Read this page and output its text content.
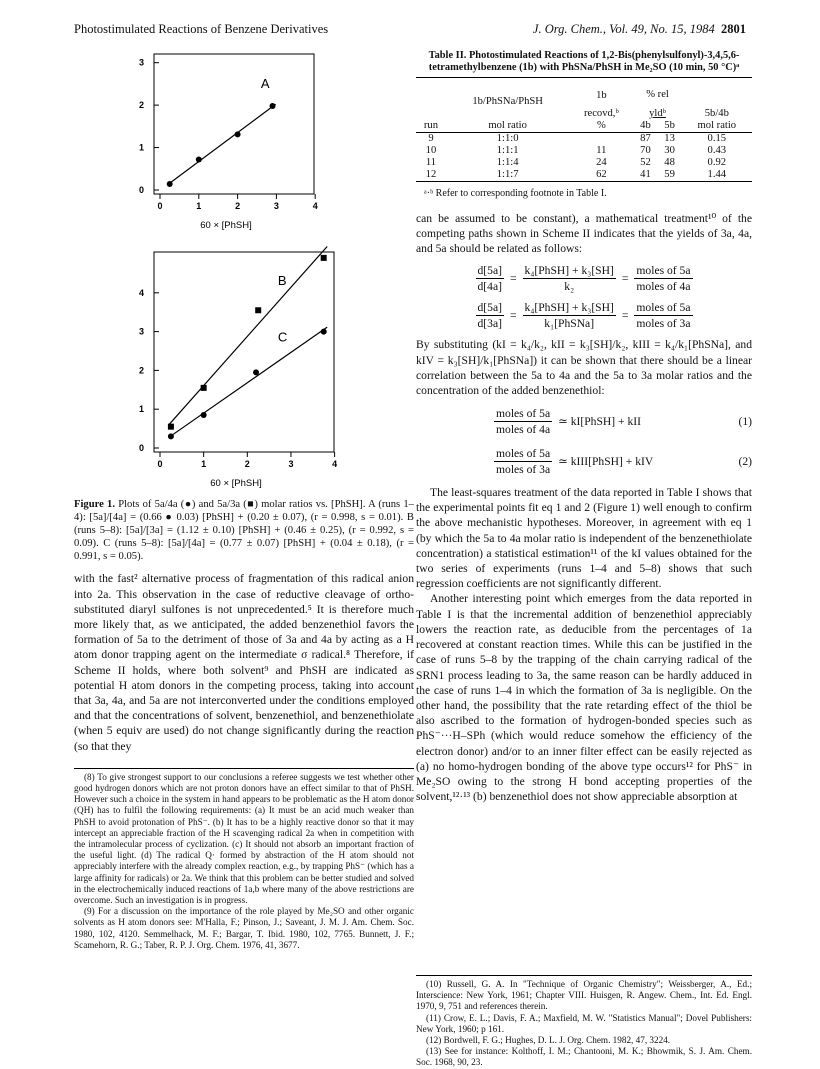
Photostimulated Reactions of Benzene Derivatives	J. Org. Chem., Vol. 49, No. 15, 1984 2801
0	1	2	3	4
0
1
2
3
60 × [PhSH]
A

0	1	2	3	4
0
1
2
3
4
60 × [PhSH]
B
C
Figure 1. Plots of 5a/4a (●) and 5a/3a (■) molar ratios vs. [PhSH]. A (runs 1–4): [5a]/[4a] = (0.66 ● 0.03) [PhSH] + (0.20 ± 0.07), (r = 0.998, s = 0.01). B (runs 5–8): [5a]/[3a] = (1.12 ± 0.10) [PhSH] + (0.46 ± 0.25), (r = 0.992, s = 0.09). C (runs 5–8): [5a]/[4a] = (0.77 ± 0.07) [PhSH] + (0.04 ± 0.18), (r = 0.991, s = 0.05).

with the fast² alternative process of fragmentation of this radical anion into 2a. This observation in the case of reductive cleavage of ortho-substituted diaryl sulfones is not unprecedented.⁵ It is therefore much more likely that, as we anticipated, the added benzenethiol favors the formation of 5a to the detriment of those of 3a and 4a by acting as a H atom donor trapping agent on the intermediate σ radical.⁸ Therefore, if Scheme II holds, where both solvent⁹ and PhSH are indicated as potential H atom donors in the competing process, taking into account that 3a, 4a, and 5a are not interconverted under the conditions employed and that the concentrations of solvent, benzenethiol, and benzenethiolate (when 5 equiv are used) do not change significantly during the reaction (so that they

(8) To give strongest support to our conclusions a referee suggests we test whether other good hydrogen donors which are not proton donors have an effect similar to that of PhSH. However such a choice in the system in hand appears to be problematic as the H atom donor (QH) has to fulfil the following requirements: (a) It must be an acid much weaker than PhSH to avoid protonation of PhS⁻. (b) It has to be a highly reactive donor so that it may intercept an appreciable fraction of the H scavenging radical 2a when in competition with the intramolecular process of cyclization. (c) It should not absorb an important fraction of the useful light. (d) The radical Q· formed by abstraction of the H atom should not appreciably interfere with the already complex reaction, e.g., by trapping PhS⁻ (which has a large affinity for radicals) or 2a. We think that this problem can be better studied and solved in the electrochemically induced reactions of 1a,b where many of the above restrictions are overcome. Such an investigation is in progress.

(9) For a discussion on the importance of the role played by Me₂SO and other organic solvents as H atom donors see: M'Halla, F.; Pinson, J.; Saveant, J. M. J. Am. Chem. Soc. 1980, 102, 4120. Semmelhack, M. F.; Bargar, T. Ibid. 1980, 102, 7765. Bunnett, J. F.; Scamehorn, R. G.; Taber, R. P. J. Org. Chem. 1976, 41, 3677.

Table II. Photostimulated Reactions of 1,2-Bis(phenylsulfonyl)-3,4,5,6-tetramethylbenzene (1b) with PhSNa/PhSH in Me₂SO (10 min, 50 °C)ᵃ
	1b/PhSNa/PhSH	1b	% rel		
		recovd,ᵇ	yldᵇ		5b/4b
run	mol ratio	%	4b	5b	mol ratio
9	1:1:0		87	13	0.15
10	1:1:1	11	70	30	0.43
11	1:1:4	24	52	48	0.92
12	1:1:7	62	41	59	1.44
ᵃ·ᵇ Refer to corresponding footnote in Table I.

can be assumed to be constant), a mathematical treatment¹⁰ of the competing paths shown in Scheme II indicates that the yields of 3a, 4a, and 5a should be related as follows:

$\frac{d[5a]}{d[4a]} = \frac{\text{k₄[PhSH] + k₃[SH]}}{\text{k₂}} = \frac{\text{moles of 5a}}{\text{moles of 4a}}$
$\frac{d[5a]}{d[3a]} = \frac{\text{k₄[PhSH] + k₃[SH]}}{\text{k₁[PhSNa]}} = \frac{\text{moles of 5a}}{\text{moles of 3a}}$

By substituting (kI = k₄/k₂, kII = k₃[SH]/k₂, kIII = k₄/k₁[PhSNa], and kIV = k₃[SH]/k₁[PhSNa]) it can be shown that there should be a linear correlation between the 5a to 4a and the 5a to 3a molar ratios and the concentration of the added benzenethiol:

$\frac{\text{moles of 5a}}{\text{moles of 4a}}$ ≃ kI[PhSH] + kII	(1)
$\frac{\text{moles of 5a}}{\text{moles of 3a}}$ ≃ kIII[PhSH] + kIV	(2)

The least-squares treatment of the data reported in Table I shows that the experimental points fit eq 1 and 2 (Figure 1) well enough to confirm the above mechanistic hypotheses. Moreover, in agreement with eq 1 (by which the 5a to 4a molar ratio is independent of the benzenethiolate concentration) a statistical estimation¹¹ of the kI values obtained for the two series of experiments (runs 1–4 and 5–8) shows that such regression coefficients are not significantly different.

Another interesting point which emerges from the data reported in Table I is that the incremental addition of benzenethiol appreciably lowers the reaction rate, as deducible from the percentages of 1a recovered at constant reaction times. While this can be justified in the case of runs 5–8 by the trapping of the chain carrying radical of the SRN1 process leading to 3a, the same reason can be hardly adduced in the case of runs 1–4 in which the formation of 3a is negligible. On the other hand, the possibility that the rate retarding effect of the thiol be also ascribed to the formation of hydrogen-bonded species such as PhS⁻···H–SPh (which would reduce somehow the efficiency of the electron donor) and/or to an inner filter effect can be easily rejected as (a) no homo-hydrogen bonding of the above type occurs¹² for PhS⁻ in Me₂SO owing to the strong H bond accepting properties of the solvent,¹²·¹³ (b) benzenethiol does not show appreciable absorption at

(10) Russell, G. A. In "Technique of Organic Chemistry"; Weissberger, A., Ed.; Interscience: New York, 1961; Chapter VIII. Huisgen, R. Angew. Chem., Int. Ed. Engl. 1970, 9, 751 and references therein.

(11) Crow, E. L.; Davis, F. A.; Maxfield, M. W. "Statistics Manual"; Dovel Publishers: New York, 1960; p 161.

(12) Bordwell, F. G.; Hughes, D. L. J. Org. Chem. 1982, 47, 3224.

(13) See for instance: Kolthoff, I. M.; Chantooni, M. K.; Bhowmik, S. J. Am. Chem. Soc. 1968, 90, 23.
